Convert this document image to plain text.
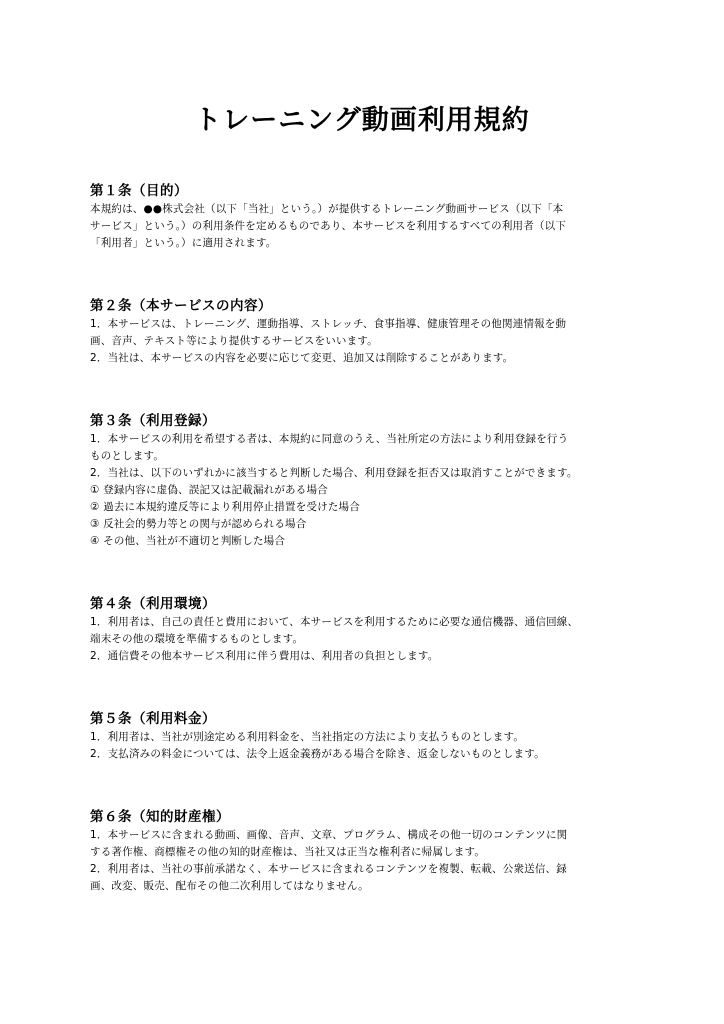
トレーニング動画利用規約
第１条（目的）
本規約は、●●株式会社（以下「当社」という。）が提供するトレーニング動画サービス（以下「本
サービス」という。）の利用条件を定めるものであり、本サービスを利用するすべての利用者（以下
「利用者」という。）に適用されます。
第２条（本サービスの内容）
1．本サービスは、トレーニング、運動指導、ストレッチ、食事指導、健康管理その他関連情報を動
画、音声、テキスト等により提供するサービスをいいます。
2．当社は、本サービスの内容を必要に応じて変更、追加又は削除することがあります。
第３条（利用登録）
1．本サービスの利用を希望する者は、本規約に同意のうえ、当社所定の方法により利用登録を行う
ものとします。
2．当社は、以下のいずれかに該当すると判断した場合、利用登録を拒否又は取消すことができます。
① 登録内容に虚偽、誤記又は記載漏れがある場合
② 過去に本規約違反等により利用停止措置を受けた場合
③ 反社会的勢力等との関与が認められる場合
④ その他、当社が不適切と判断した場合
第４条（利用環境）
1．利用者は、自己の責任と費用において、本サービスを利用するために必要な通信機器、通信回線、
端末その他の環境を準備するものとします。
2．通信費その他本サービス利用に伴う費用は、利用者の負担とします。
第５条（利用料金）
1．利用者は、当社が別途定める利用料金を、当社指定の方法により支払うものとします。
2．支払済みの料金については、法令上返金義務がある場合を除き、返金しないものとします。
第６条（知的財産権）
1．本サービスに含まれる動画、画像、音声、文章、プログラム、構成その他一切のコンテンツに関
する著作権、商標権その他の知的財産権は、当社又は正当な権利者に帰属します。
2．利用者は、当社の事前承諾なく、本サービスに含まれるコンテンツを複製、転載、公衆送信、録
画、改変、販売、配布その他二次利用してはなりません。
